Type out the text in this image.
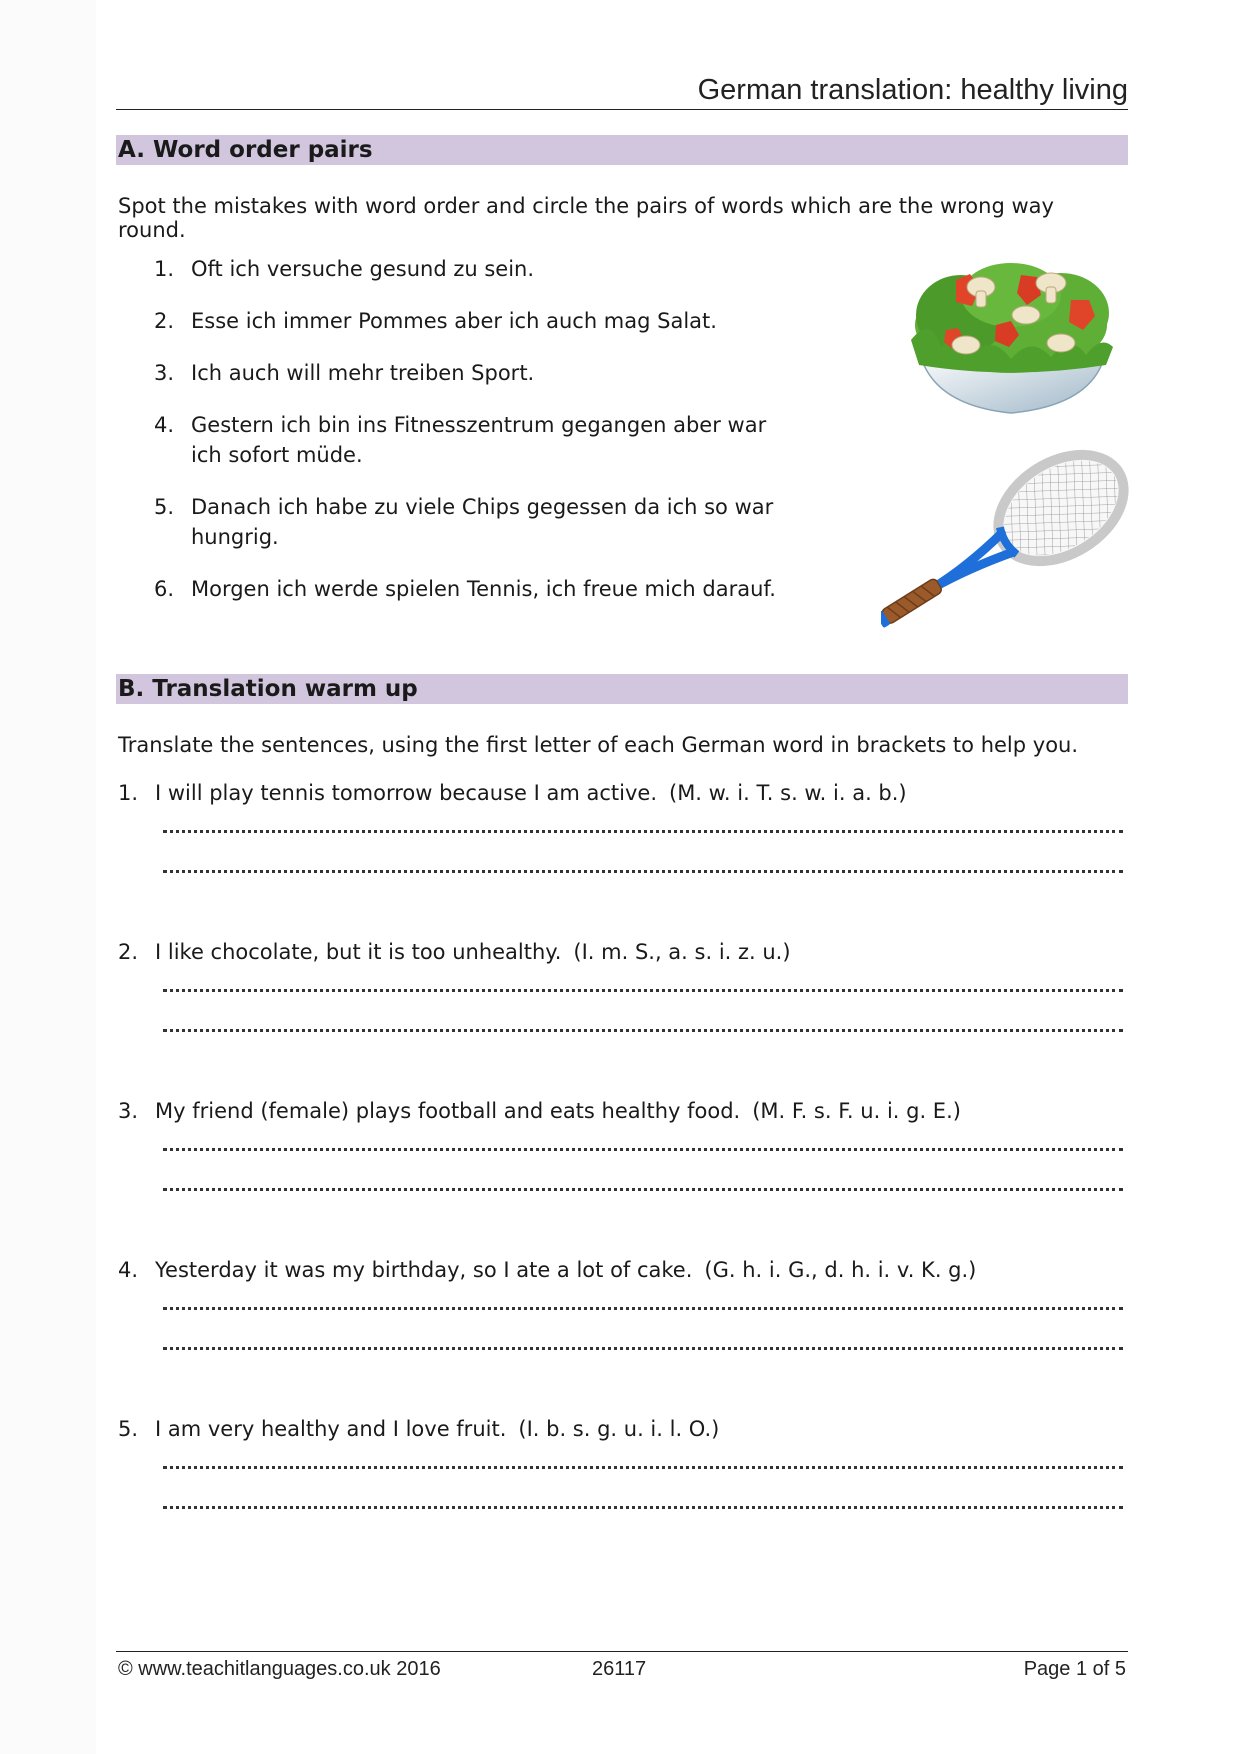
German translation: healthy living
A. Word order pairs
Spot the mistakes with word order and circle the pairs of words which are the wrong way round.
1. Oft ich versuche gesund zu sein.
2. Esse ich immer Pommes aber ich auch mag Salat.
3. Ich auch will mehr treiben Sport.
4. Gestern ich bin ins Fitnesszentrum gegangen aber war ich sofort müde.
5. Danach ich habe zu viele Chips gegessen da ich so war hungrig.
6. Morgen ich werde spielen Tennis, ich freue mich darauf.
B. Translation warm up
Translate the sentences, using the first letter of each German word in brackets to help you.
1. I will play tennis tomorrow because I am active. (M. w. i. T. s. w. i. a. b.)
2. I like chocolate, but it is too unhealthy. (I. m. S., a. s. i. z. u.)
3. My friend (female) plays football and eats healthy food. (M. F. s. F. u. i. g. E.)
4. Yesterday it was my birthday, so I ate a lot of cake. (G. h. i. G., d. h. i. v. K. g.)
5. I am very healthy and I love fruit. (I. b. s. g. u. i. l. O.)
© www.teachitlanguages.co.uk 2016	26117	Page 1 of 5
